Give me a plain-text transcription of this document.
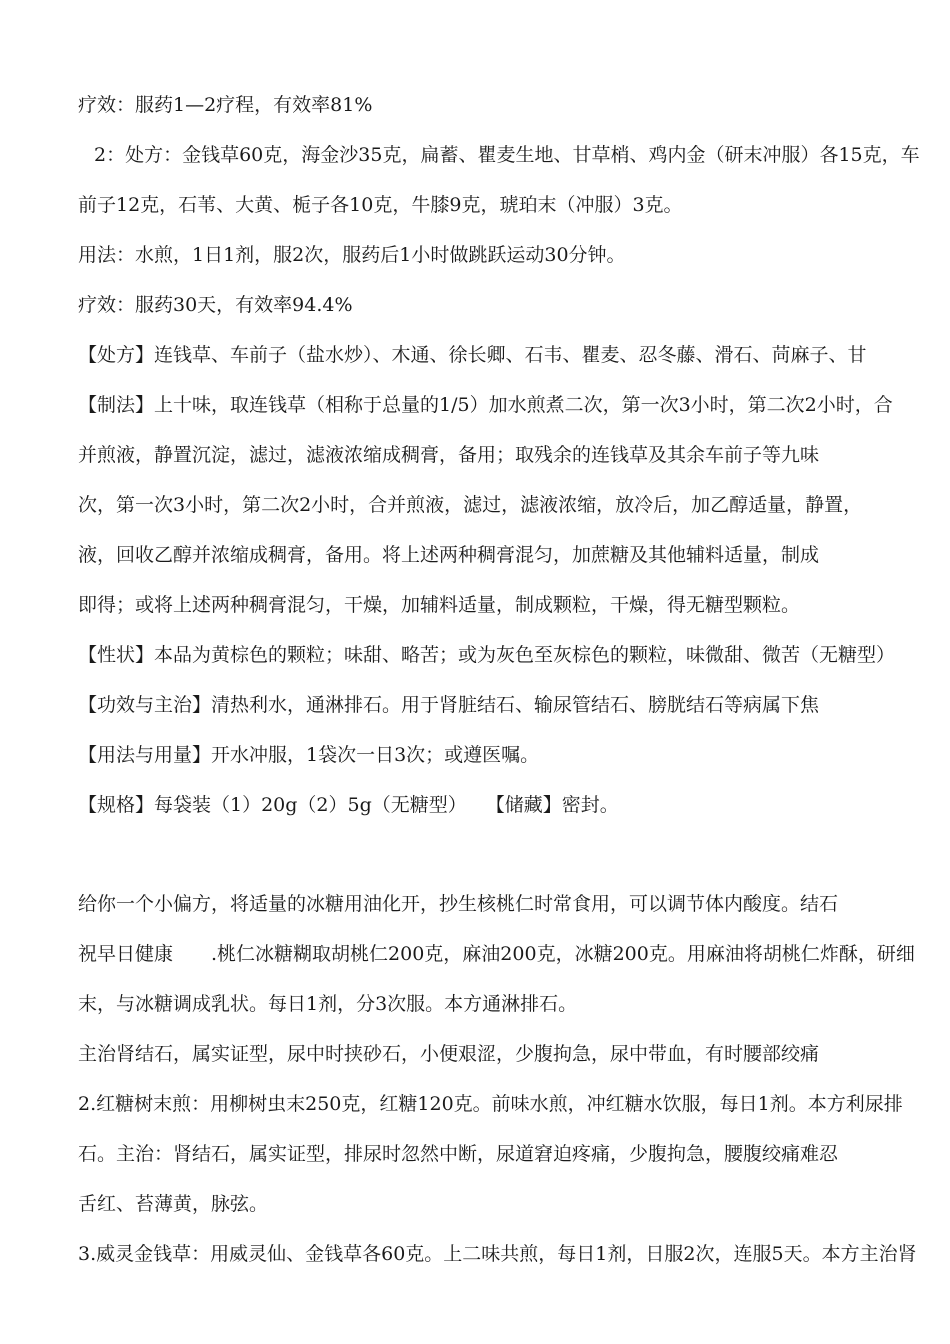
疗效：服药1—2疗程，有效率81%
2：处方：金钱草60克，海金沙35克，扁蓄、瞿麦生地、甘草梢、鸡内金（研末冲服）各15克，车
前子12克，石苇、大黄、栀子各10克，牛膝9克，琥珀末（冲服）3克。
用法：水煎，1日1剂，服2次，服药后1小时做跳跃运动30分钟。
疗效：服药30天，有效率94.4%
【处方】连钱草、车前子（盐水炒）、木通、徐长卿、石韦、瞿麦、忍冬藤、滑石、苘麻子、甘
【制法】上十味，取连钱草（相称于总量的1/5）加水煎煮二次，第一次3小时，第二次2小时，合
并煎液，静置沉淀，滤过，滤液浓缩成稠膏，备用；取残余的连钱草及其余车前子等九味
次，第一次3小时，第二次2小时，合并煎液，滤过，滤液浓缩，放冷后，加乙醇适量，静置，
液，回收乙醇并浓缩成稠膏，备用。将上述两种稠膏混匀，加蔗糖及其他辅料适量，制成
即得；或将上述两种稠膏混匀，干燥，加辅料适量，制成颗粒，干燥，得无糖型颗粒。
【性状】本品为黄棕色的颗粒；味甜、略苦；或为灰色至灰棕色的颗粒，味微甜、微苦（无糖型）
【功效与主治】清热利水，通淋排石。用于肾脏结石、输尿管结石、膀胱结石等病属下焦
【用法与用量】开水冲服，1袋次一日3次；或遵医嘱。
【规格】每袋装（1）20g（2）5g（无糖型）　　【储藏】密封。
给你一个小偏方，将适量的冰糖用油化开，抄生核桃仁时常食用，可以调节体内酸度。结石
祝早日健康　　.桃仁冰糖糊取胡桃仁200克，麻油200克，冰糖200克。用麻油将胡桃仁炸酥，研细
末，与冰糖调成乳状。每日1剂，分3次服。本方通淋排石。
主治肾结石，属实证型，尿中时挟砂石，小便艰涩，少腹拘急，尿中带血，有时腰部绞痛
2.红糖树末煎：用柳树虫末250克，红糖120克。前味水煎，冲红糖水饮服，每日1剂。本方利尿排
石。主治：肾结石，属实证型，排尿时忽然中断，尿道窘迫疼痛，少腹拘急，腰腹绞痛难忍
舌红、苔薄黄，脉弦。
3.威灵金钱草：用威灵仙、金钱草各60克。上二味共煎，每日1剂，日服2次，连服5天。本方主治肾
